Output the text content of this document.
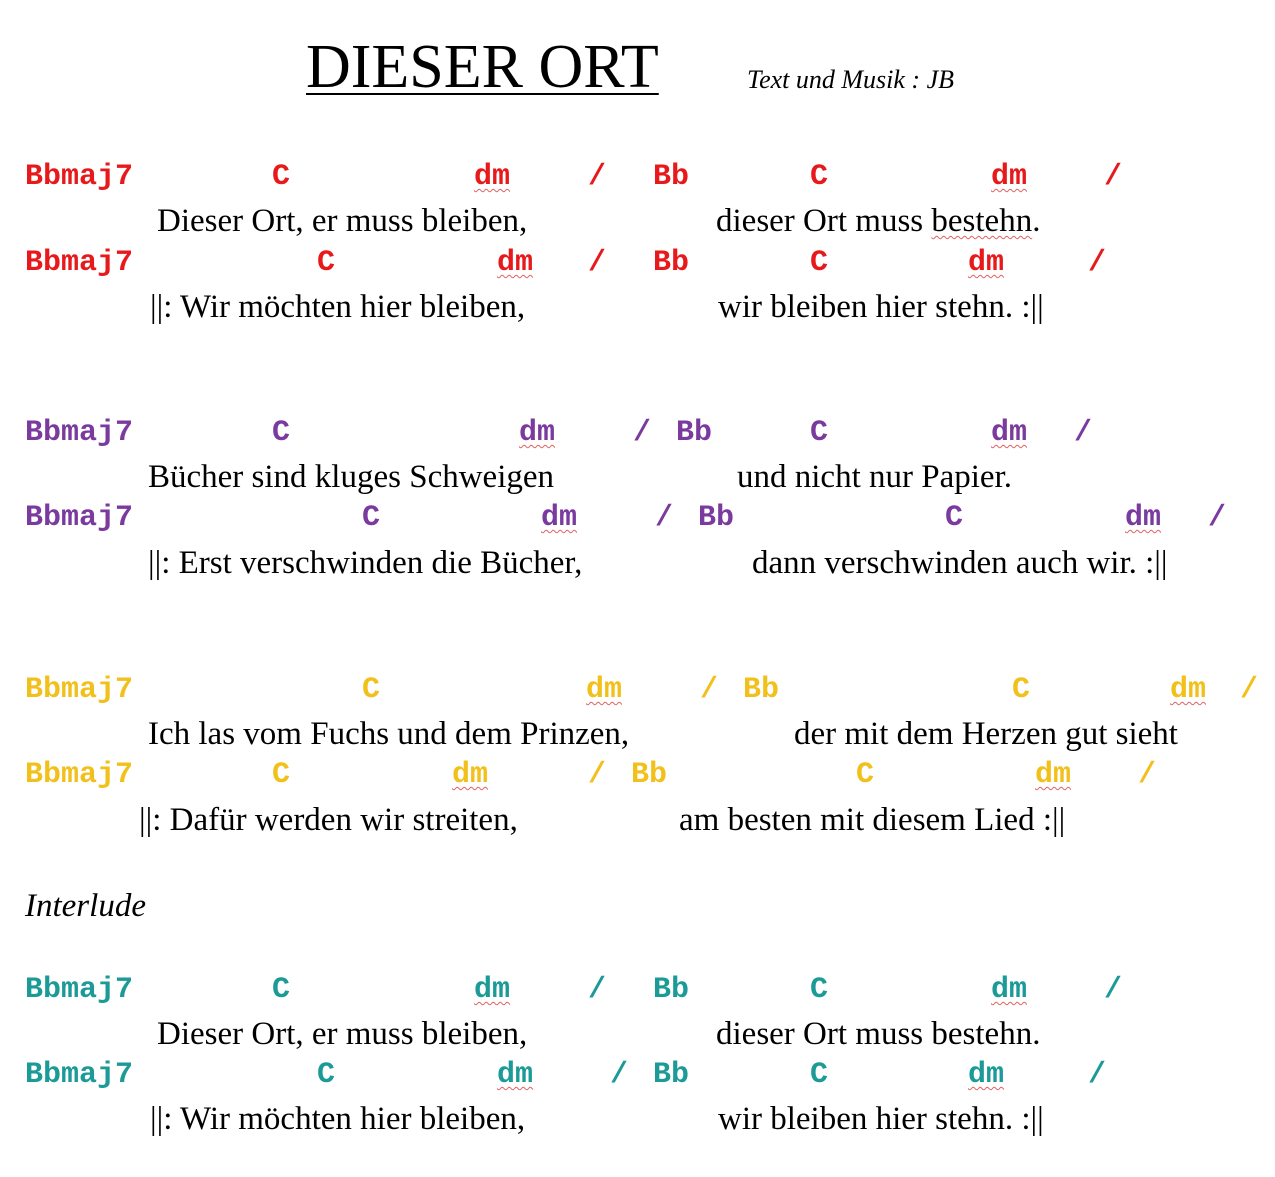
DIESER ORT	Text und Musik : JB
Bbmaj7	C	dm	/ Bb	C	dm	/
Dieser Ort, er muss bleiben,	dieser Ort muss bestehn.
Bbmaj7	C	dm / Bb	C	dm	/
||: Wir möchten hier bleiben,	wir bleiben hier stehn. :||
Bbmaj7	C	dm	/ Bb	C	dm /
Bücher sind kluges Schweigen	und nicht nur Papier.
Bbmaj7	C	dm	/ Bb	C	dm /
||: Erst verschwinden die Bücher,	dann verschwinden auch wir. :||
Bbmaj7	C	dm	/ Bb	C	dm /
Ich las vom Fuchs und dem Prinzen,	der mit dem Herzen gut sieht
Bbmaj7	C	dm	/ Bb	C	dm /
||: Dafür werden wir streiten,	am besten mit diesem Lied :||
Interlude
Bbmaj7	C	dm	/ Bb	C	dm	/
Dieser Ort, er muss bleiben,	dieser Ort muss bestehn.
Bbmaj7	C	dm	/ Bb	C	dm	/
||: Wir möchten hier bleiben,	wir bleiben hier stehn. :||
